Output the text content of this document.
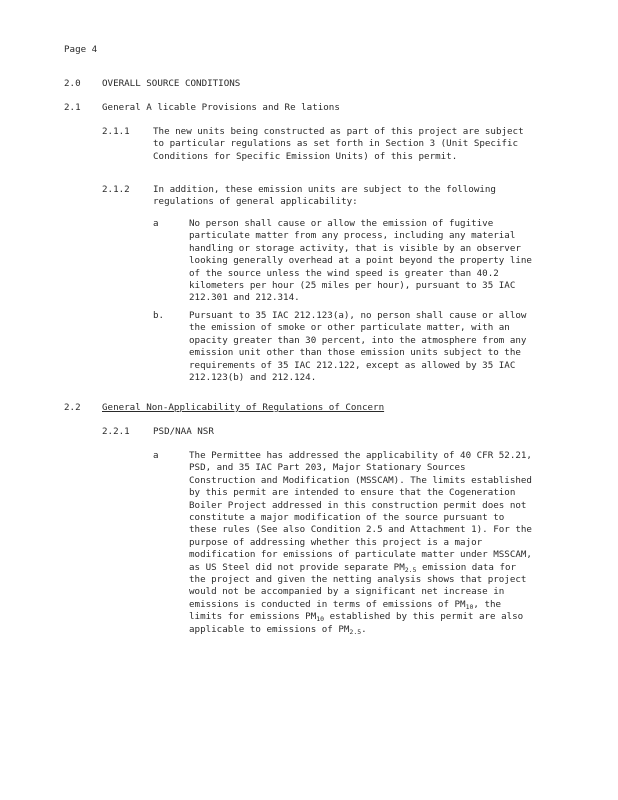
Page 4
2.0 OVERALL SOURCE CONDITIONS
2.1 General A licable Provisions and Re lations
2.1.1	The new units being constructed as part of this project are subject to particular regulations as set forth in Section 3 (Unit Specific Conditions for Specific Emission Units) of this permit.
2.1.2	In addition, these emission units are subject to the following regulations of general applicability:
a	No person shall cause or allow the emission of fugitive particulate matter from any process, including any material handling or storage activity, that is visible by an observer looking generally overhead at a point beyond the property line of the source unless the wind speed is greater than 40.2 kilometers per hour (25 miles per hour), pursuant to 35 IAC 212.301 and 212.314.
b.	Pursuant to 35 IAC 212.123(a), no person shall cause or allow the emission of smoke or other particulate matter, with an opacity greater than 30 percent, into the atmosphere from any emission unit other than those emission units subject to the requirements of 35 IAC 212.122, except as allowed by 35 IAC 212.123(b) and 212.124.
2.2 General Non-Applicability of Regulations of Concern
2.2.1	PSD/NAA NSR
a	The Permittee has addressed the applicability of 40 CFR 52.21, PSD, and 35 IAC Part 203, Major Stationary Sources Construction and Modification (MSSCAM). The limits established by this permit are intended to ensure that the Cogeneration Boiler Project addressed in this construction permit does not constitute a major modification of the source pursuant to these rules (See also Condition 2.5 and Attachment 1). For the purpose of addressing whether this project is a major modification for emissions of particulate matter under MSSCAM, as US Steel did not provide separate $PM_{2.5}$ emission data for the project and given the netting analysis shows that project would not be accompanied by a significant net increase in emissions is conducted in terms of emissions of $PM_{10}$, the limits for emissions $PM_{10}$ established by this permit are also applicable to emissions of $PM_{2.5}$.
